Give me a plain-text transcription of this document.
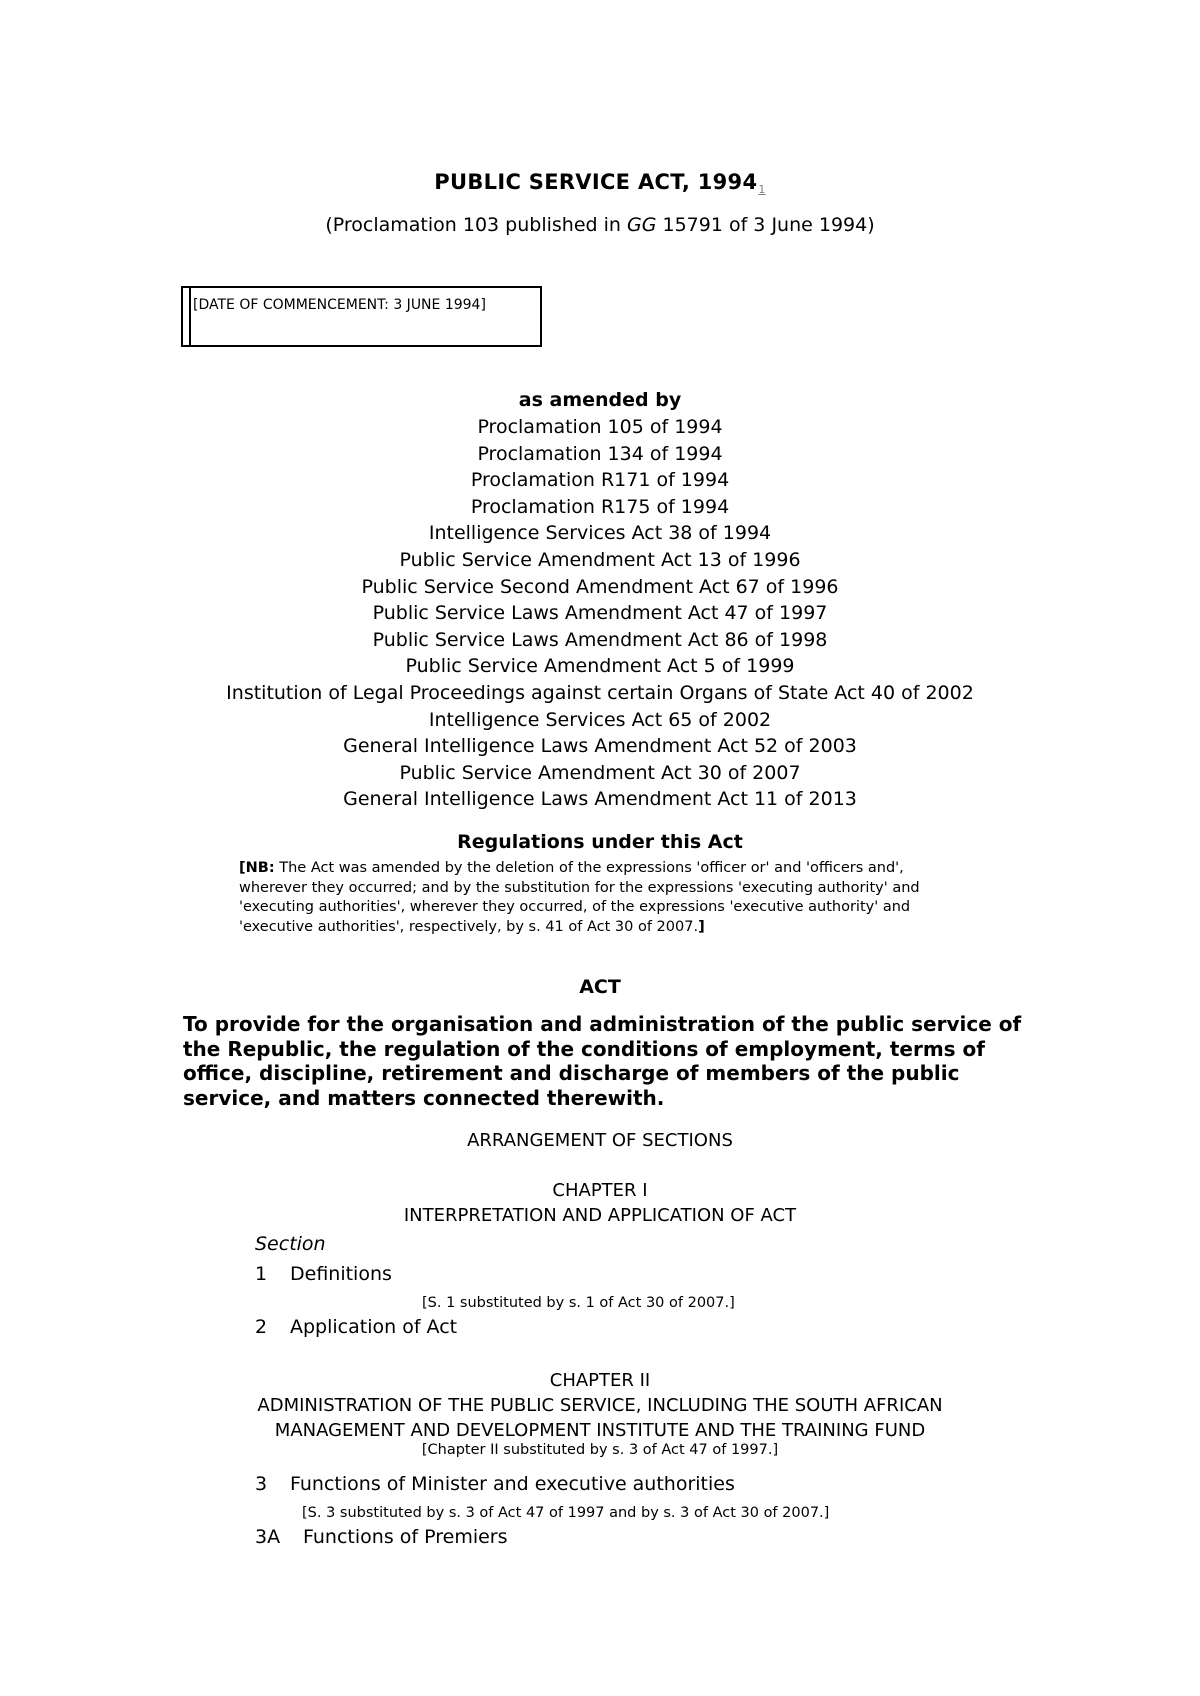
PUBLIC SERVICE ACT, 1994$^1$
(Proclamation 103 published in GG 15791 of 3 June 1994)
[DATE OF COMMENCEMENT: 3 JUNE 1994]
as amended by
Proclamation 105 of 1994
Proclamation 134 of 1994
Proclamation R171 of 1994
Proclamation R175 of 1994
Intelligence Services Act 38 of 1994
Public Service Amendment Act 13 of 1996
Public Service Second Amendment Act 67 of 1996
Public Service Laws Amendment Act 47 of 1997
Public Service Laws Amendment Act 86 of 1998
Public Service Amendment Act 5 of 1999
Institution of Legal Proceedings against certain Organs of State Act 40 of 2002
Intelligence Services Act 65 of 2002
General Intelligence Laws Amendment Act 52 of 2003
Public Service Amendment Act 30 of 2007
General Intelligence Laws Amendment Act 11 of 2013
Regulations under this Act
[NB: The Act was amended by the deletion of the expressions 'officer or' and 'officers and', wherever they occurred; and by the substitution for the expressions 'executing authority' and 'executing authorities', wherever they occurred, of the expressions 'executive authority' and 'executive authorities', respectively, by s. 41 of Act 30 of 2007.]
ACT
To provide for the organisation and administration of the public service of the Republic, the regulation of the conditions of employment, terms of office, discipline, retirement and discharge of members of the public service, and matters connected therewith.
ARRANGEMENT OF SECTIONS
CHAPTER I
INTERPRETATION AND APPLICATION OF ACT
Section
1 Definitions
[S. 1 substituted by s. 1 of Act 30 of 2007.]
2 Application of Act
CHAPTER II
ADMINISTRATION OF THE PUBLIC SERVICE, INCLUDING THE SOUTH AFRICAN
MANAGEMENT AND DEVELOPMENT INSTITUTE AND THE TRAINING FUND
[Chapter II substituted by s. 3 of Act 47 of 1997.]
3 Functions of Minister and executive authorities
[S. 3 substituted by s. 3 of Act 47 of 1997 and by s. 3 of Act 30 of 2007.]
3A Functions of Premiers
